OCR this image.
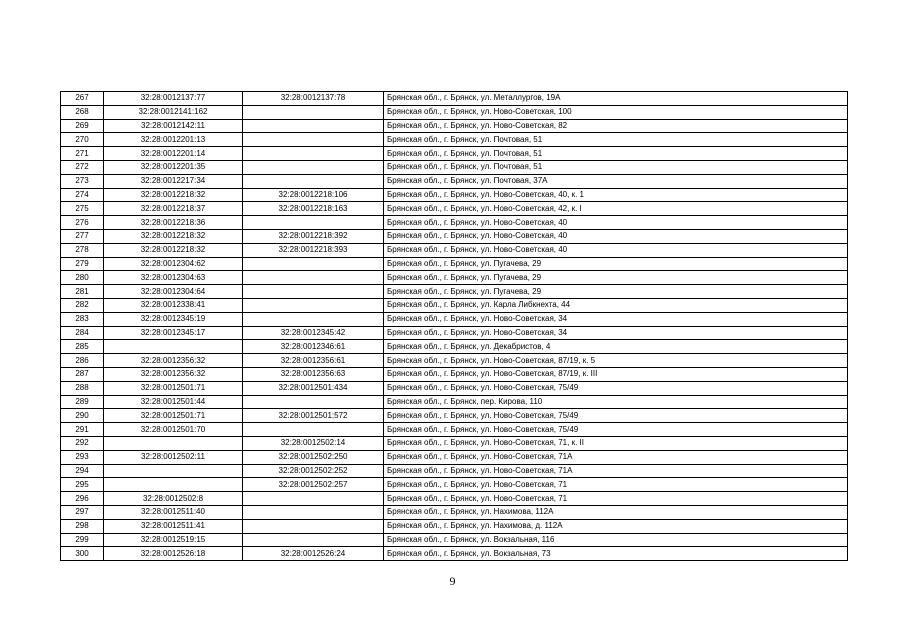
267	32:28:0012137:77	32:28:0012137:78	Брянская обл., г. Брянск, ул. Металлургов, 19А
268	32:28:0012141:162		Брянская обл., г. Брянск, ул. Ново-Советская, 100
269	32:28:0012142:11		Брянская обл., г. Брянск, ул. Ново-Советская, 82
270	32:28:0012201:13		Брянская обл., г. Брянск, ул. Почтовая, 51
271	32:28:0012201:14		Брянская обл., г. Брянск, ул. Почтовая, 51
272	32:28:0012201:35		Брянская обл., г. Брянск, ул. Почтовая, 51
273	32:28:0012217:34		Брянская обл., г. Брянск, ул. Почтовая, 37А
274	32:28:0012218:32	32:28:0012218:106	Брянская обл., г. Брянск, ул. Ново-Советская, 40, к. 1
275	32:28:0012218:37	32:28:0012218:163	Брянская обл., г. Брянск, ул. Ново-Советская, 42, к. I
276	32:28:0012218:36		Брянская обл., г. Брянск, ул. Ново-Советская, 40
277	32:28:0012218:32	32:28:0012218:392	Брянская обл., г. Брянск, ул. Ново-Советская, 40
278	32:28:0012218:32	32:28:0012218:393	Брянская обл., г. Брянск, ул. Ново-Советская, 40
279	32:28:0012304:62		Брянская обл., г. Брянск, ул. Пугачева, 29
280	32:28:0012304:63		Брянская обл., г. Брянск, ул. Пугачева, 29
281	32:28:0012304:64		Брянская обл., г. Брянск, ул. Пугачева, 29
282	32:28:0012338:41		Брянская обл., г. Брянск, ул. Карла Либкнехта, 44
283	32:28:0012345:19		Брянская обл., г. Брянск, ул. Ново-Советская, 34
284	32:28:0012345:17	32:28:0012345:42	Брянская обл., г. Брянск, ул. Ново-Советская, 34
285		32:28:0012346:61	Брянская обл., г. Брянск, ул. Декабристов, 4
286	32:28:0012356:32	32:28:0012356:61	Брянская обл., г. Брянск, ул. Ново-Советская, 87/19, к. 5
287	32:28:0012356:32	32:28:0012356:63	Брянская обл., г. Брянск, ул. Ново-Советская, 87/19, к. III
288	32:28:0012501:71	32:28:0012501:434	Брянская обл., г. Брянск, ул. Ново-Советская, 75/49
289	32:28:0012501:44		Брянская обл., г. Брянск, пер. Кирова, 110
290	32:28:0012501:71	32:28:0012501:572	Брянская обл., г. Брянск, ул. Ново-Советская, 75/49
291	32:28:0012501:70		Брянская обл., г. Брянск, ул. Ново-Советская, 75/49
292		32:28:0012502:14	Брянская обл., г. Брянск, ул. Ново-Советская, 71, к. II
293	32:28:0012502:11	32:28:0012502:250	Брянская обл., г. Брянск, ул. Ново-Советская, 71А
294		32:28:0012502:252	Брянская обл., г. Брянск, ул. Ново-Советская, 71А
295		32:28:0012502:257	Брянская обл., г. Брянск, ул. Ново-Советская, 71
296	32:28:0012502:8		Брянская обл., г. Брянск, ул. Ново-Советская, 71
297	32:28:0012511:40		Брянская обл., г. Брянск, ул. Нахимова, 112А
298	32:28:0012511:41		Брянская обл., г. Брянск, ул. Нахимова, д. 112А
299	32:28:0012519:15		Брянская обл., г. Брянск, ул. Вокзальная, 116
300	32:28:0012526:18	32:28:0012526:24	Брянская обл., г. Брянск, ул. Вокзальная, 73
9
